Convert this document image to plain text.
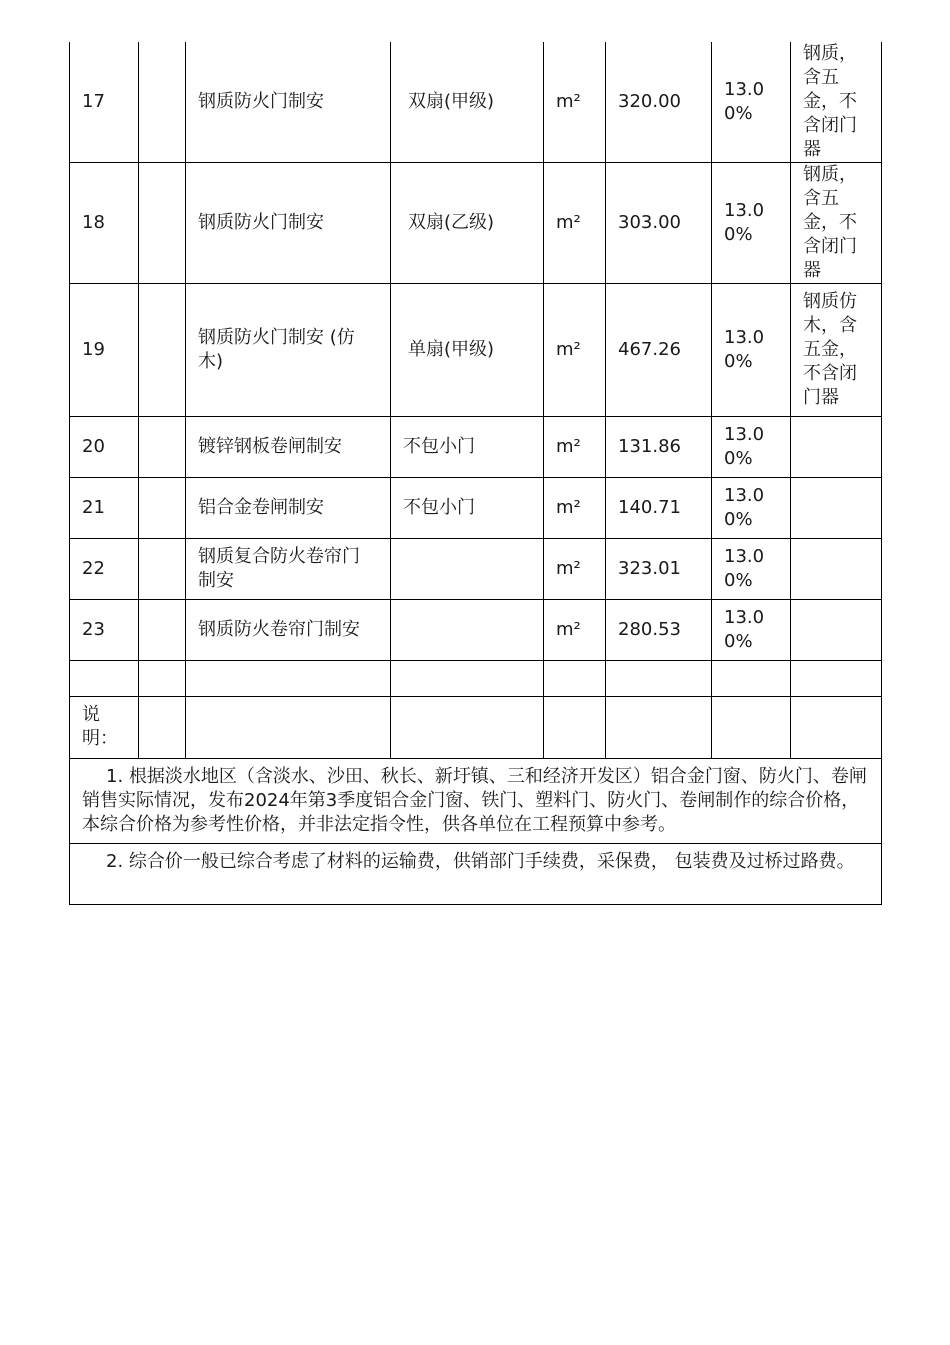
17		钢质防火门制安	双扇(甲级)	m²	320.00	13.00%	钢质，含五金，不含闭门器
18		钢质防火门制安	双扇(乙级)	m²	303.00	13.00%	钢质，含五金，不含闭门器
19		钢质防火门制安 (仿木)	单扇(甲级)	m²	467.26	13.00%	钢质仿木，含五金，不含闭门器
20		镀锌钢板卷闸制安	不包小门	m²	131.86	13.00%	
21		铝合金卷闸制安	不包小门	m²	140.71	13.00%	
22		钢质复合防火卷帘门制安		m²	323.01	13.00%	
23		钢质防火卷帘门制安		m²	280.53	13.00%	

说明：							
1. 根据淡水地区（含淡水、沙田、秋长、新圩镇、三和经济开发区）铝合金门窗、防火门、卷闸销售实际情况，发布2024年第3季度铝合金门窗、铁门、塑料门、防火门、卷闸制作的综合价格，本综合价格为参考性价格，并非法定指令性，供各单位在工程预算中参考。							
2. 综合价一般已综合考虑了材料的运输费，供销部门手续费，采保费， 包装费及过桥过路费。							
